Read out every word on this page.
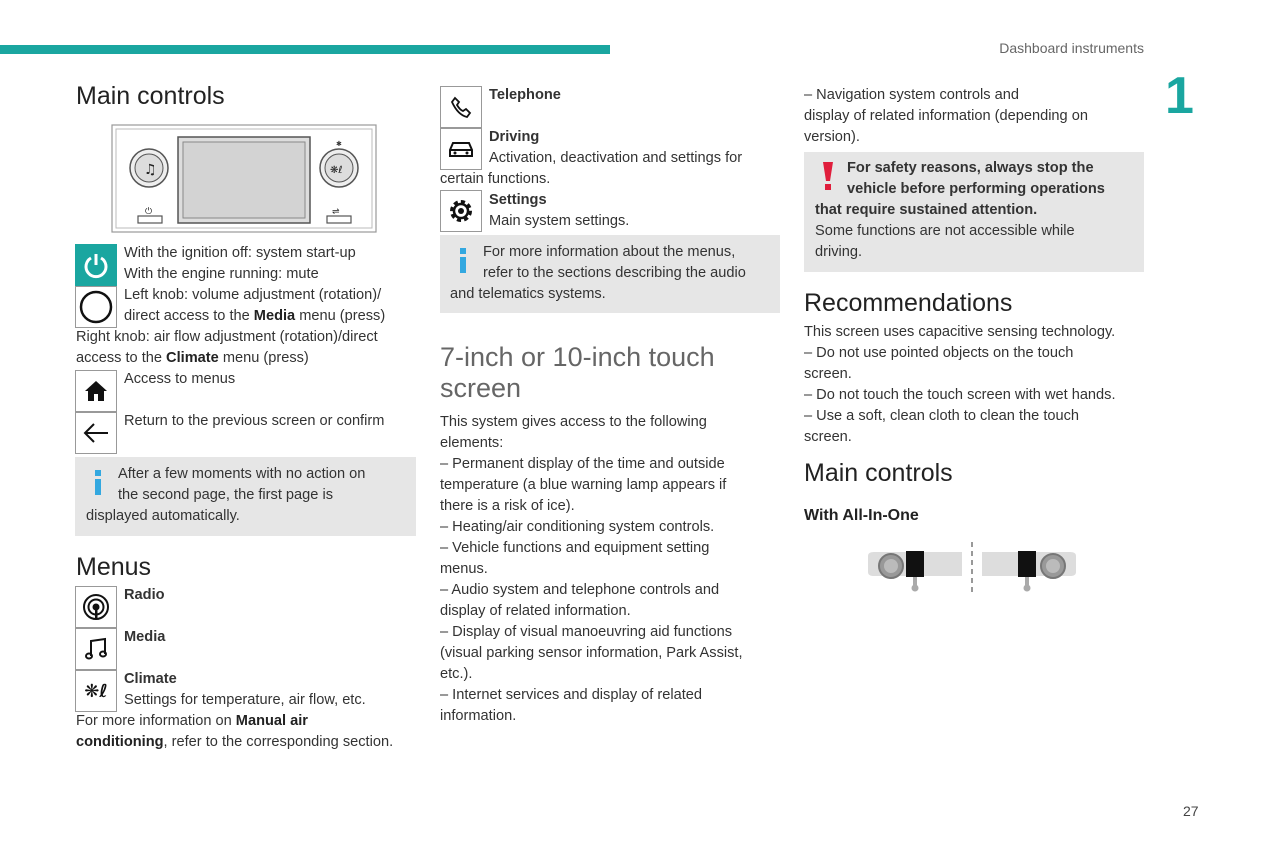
Dashboard instruments
1
27
Main controls
♫	❋ℓ
✱
⏻	⇌
With the ignition off: system start-up
With the engine running: mute
Left knob: volume adjustment (rotation)/
direct access to the Media menu (press)
Right knob: air flow adjustment (rotation)/direct
access to the Climate menu (press)
Access to menus
Return to the previous screen or confirm
After a few moments with no action on
the second page, the first page is
displayed automatically.
Menus
Radio
Media
❋ℓ
Climate
Settings for temperature, air flow, etc.
For more information on Manual air
conditioning, refer to the corresponding section.
Telephone
Driving
Activation, deactivation and settings for
certain functions.
Settings
Main system settings.
For more information about the menus,
refer to the sections describing the audio
and telematics systems.
7-inch or 10-inch touch
screen
This system gives access to the following
elements:
– Permanent display of the time and outside
temperature (a blue warning lamp appears if
there is a risk of ice).
– Heating/air conditioning system controls.
– Vehicle functions and equipment setting
menus.
– Audio system and telephone controls and
display of related information.
– Display of visual manoeuvring aid functions
(visual parking sensor information, Park Assist,
etc.).
– Internet services and display of related
information.
– Navigation system controls and
display of related information (depending on
version).
For safety reasons, always stop the
vehicle before performing operations
that require sustained attention.
Some functions are not accessible while
driving.
Recommendations
This screen uses capacitive sensing technology.
– Do not use pointed objects on the touch
screen.
– Do not touch the touch screen with wet hands.
– Use a soft, clean cloth to clean the touch
screen.
Main controls
With All-In-One
